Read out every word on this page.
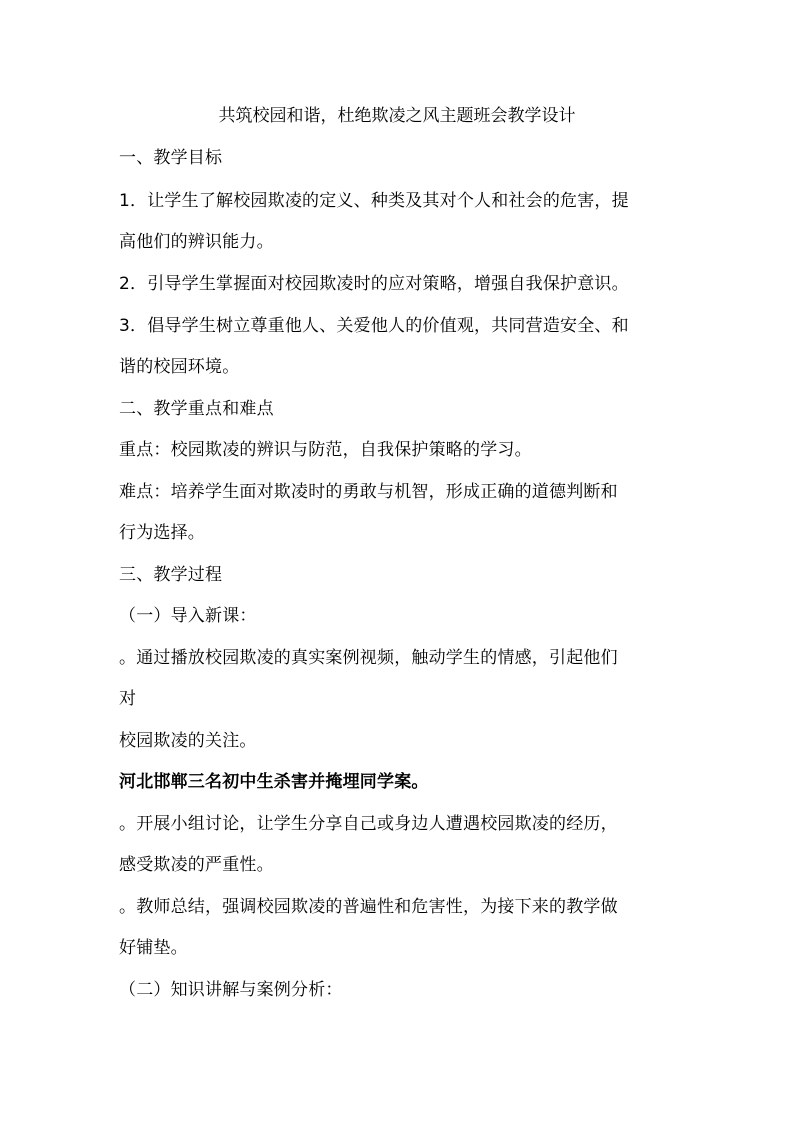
共筑校园和谐，杜绝欺凌之风主题班会教学设计
一、教学目标
1．让学生了解校园欺凌的定义、种类及其对个人和社会的危害，提
高他们的辨识能力。
2．引导学生掌握面对校园欺凌时的应对策略，增强自我保护意识。
3．倡导学生树立尊重他人、关爱他人的价值观，共同营造安全、和
谐的校园环境。
二、教学重点和难点
重点：校园欺凌的辨识与防范，自我保护策略的学习。
难点：培养学生面对欺凌时的勇敢与机智，形成正确的道德判断和
行为选择。
三、教学过程
（一）导入新课：
。通过播放校园欺凌的真实案例视频，触动学生的情感，引起他们
对
校园欺凌的关注。
河北邯郸三名初中生杀害并掩埋同学案。
。开展小组讨论，让学生分享自己或身边人遭遇校园欺凌的经历，
感受欺凌的严重性。
。教师总结，强调校园欺凌的普遍性和危害性，为接下来的教学做
好铺垫。
（二）知识讲解与案例分析：
